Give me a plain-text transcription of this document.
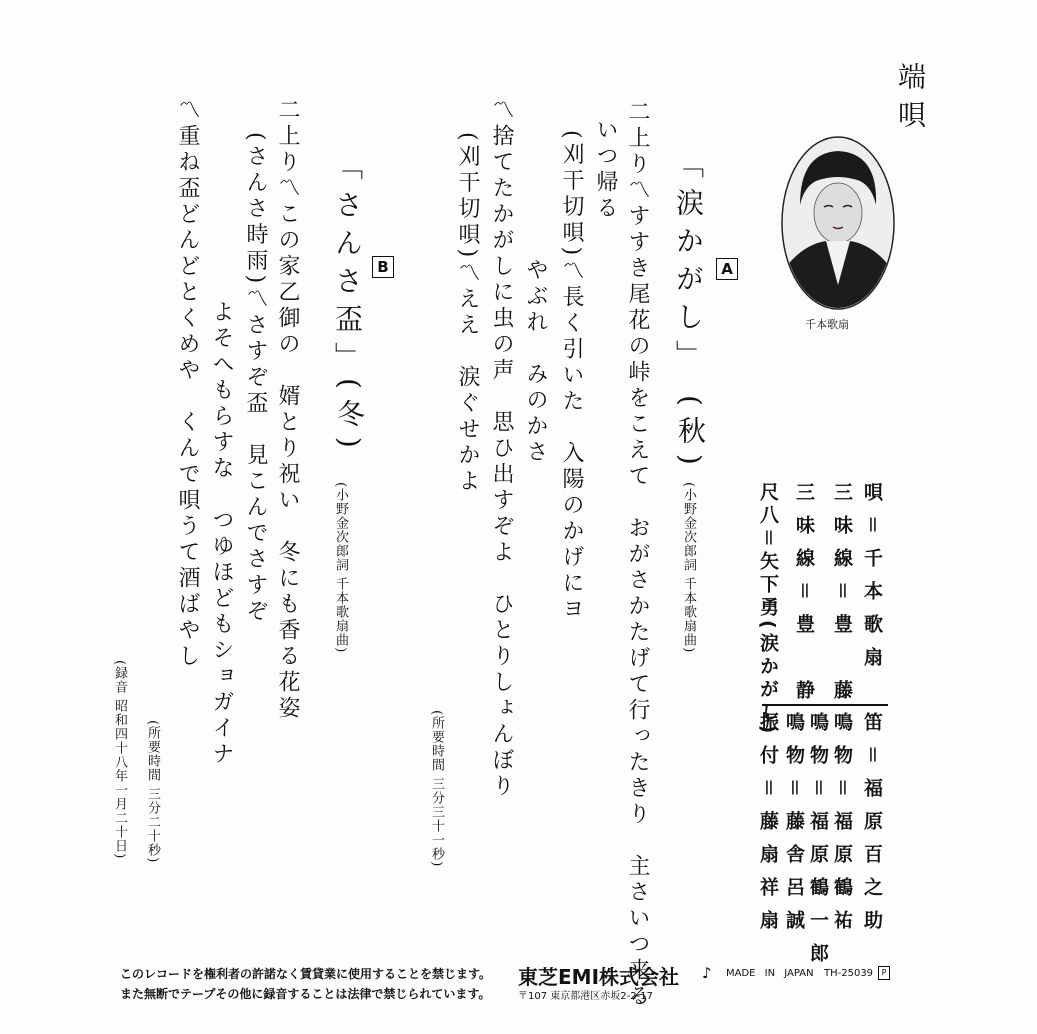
端唄
千本歌扇
A
「涙かがし」
(秋)
(小野金次郎詞 千本歌扇曲)
二上り〽すすき尾花の峠をこえて　おがさかたげて行ったきり　主さいつ来る
いつ帰る
(刈干切唄)〽長く引いた　入陽のかげにヨ
やぶれ　みのかさ
〽捨てたかがしに虫の声　思ひ出すぞよ　ひとりしょんぼり
(刈干切唄)〽ええ　涙ぐせかよ
(所要時間 三分三十一秒)
B
「さんさ盃」
(冬)
(小野金次郎詞 千本歌扇曲)
二上り〽この家乙御の　婿とり祝い　冬にも香る花姿
(さんさ時雨)〽さすぞ盃　見こんでさすぞ
よそへもらすな　つゆほどもショガイナ
〽重ね盃どんどとくめや　くんで唄うて酒ばやし
(所要時間 三分二十秒)
(録音 昭和四十八年一月二十日)
唄＝千本歌扇
三味線＝豊　藤
三味線＝豊　静
尺八＝矢下勇(涙かがし)
笛＝福原百之助
鳴物＝福原鶴祐
鳴物＝福原鶴一郎
鳴物＝藤舎呂誠
振付＝藤扇祥扇
このレコードを権利者の許諾なく賃貸業に使用することを禁じます。
また無断でテープその他に録音することは法律で禁じられています。
東芝EMI株式会社 ♪ MADE IN JAPAN TH-25039	P
〒107 東京都港区赤坂2-2-17
